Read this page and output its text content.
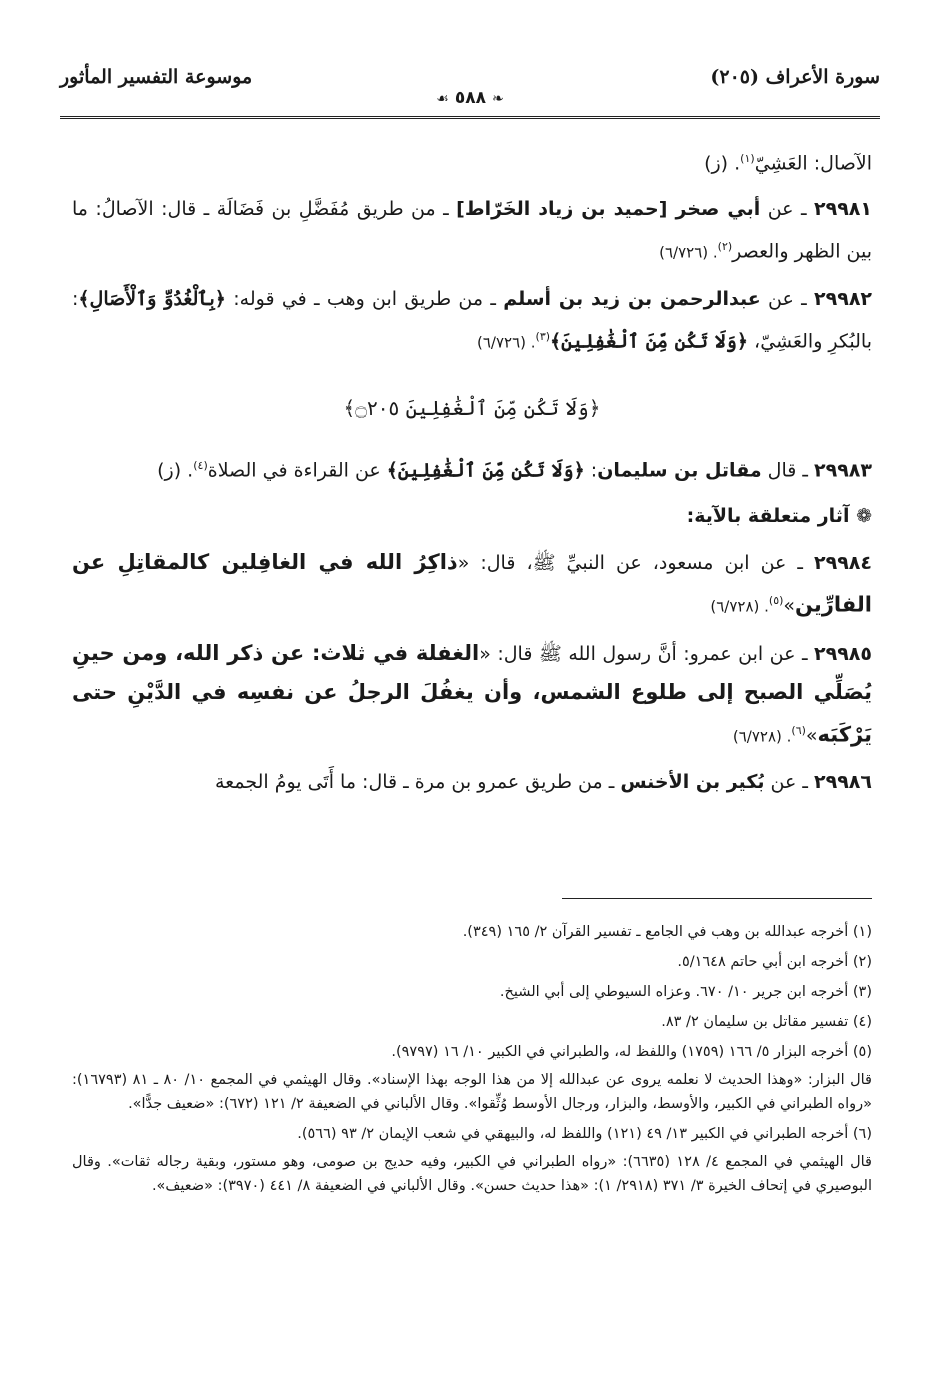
سورة الأعراف (٢٠٥)
موسوعة التفسير المأثور
❧٥٨٨☙

الآصال: العَشِيّ$^{(١)}$. (ز)

٢٩٩٨١ ـ عن أبي صخر [حميد بن زياد الخَرّاط] ـ من طريق مُفَضَّلِ بن فَضَالَة ـ قال: الآصالُ: ما بين الظهر والعصر$^{(٢)}$. (٦/٧٢٦)

٢٩٩٨٢ ـ عن عبدالرحمن بن زيد بن أسلم ـ من طريق ابن وهب ـ في قوله: ﴿بِٱلْغُدُوِّ وَٱلْأَصَالِ﴾: بالبُكرِ والعَشِيّ، ﴿وَلَا تَكُن مِّنَ ٱلْغَٰفِلِينَ﴾$^{(٣)}$. (٦/٧٢٦)

﴿وَلَا تَكُن مِّنَ ٱلْغَٰفِلِينَ ۝٢٠٥﴾

٢٩٩٨٣ ـ قال مقاتل بن سليمان: ﴿وَلَا تَكُن مِّنَ ٱلْغَٰفِلِينَ﴾ عن القراءة في الصلاة$^{(٤)}$. (ز)

❁ آثار متعلقة بالآية:

٢٩٩٨٤ ـ عن ابن مسعود، عن النبيِّ ﷺ، قال: «ذاكِرُ الله في الغافِلين كالمقاتِلِ عن الفارِّين»$^{(٥)}$. (٦/٧٢٨)

٢٩٩٨٥ ـ عن ابن عمرو: أنَّ رسول الله ﷺ قال: «الغفلة في ثلاث: عن ذكر الله، ومن حينِ يُصَلِّي الصبح إلى طلوع الشمس، وأن يغفُلَ الرجلُ عن نفسِه في الدَّيْنِ حتى يَرْكَبَه»$^{(٦)}$. (٦/٧٢٨)

٢٩٩٨٦ ـ عن بُكير بن الأخنس ـ من طريق عمرو بن مرة ـ قال: ما أَتَى يومُ الجمعة

(١) أخرجه عبدالله بن وهب في الجامع ـ تفسير القرآن ٢/ ١٦٥ (٣٤٩).

(٢) أخرجه ابن أبي حاتم ٥/١٦٤٨.

(٣) أخرجه ابن جرير ١٠/ ٦٧٠. وعزاه السيوطي إلى أبي الشيخ.

(٤) تفسير مقاتل بن سليمان ٢/ ٨٣.

(٥) أخرجه البزار ٥/ ١٦٦ (١٧٥٩) واللفظ له، والطبراني في الكبير ١٠/ ١٦ (٩٧٩٧).

قال البزار: «وهذا الحديث لا نعلمه يروى عن عبدالله إلا من هذا الوجه بهذا الإسناد». وقال الهيثمي في المجمع ١٠/ ٨٠ ـ ٨١ (١٦٧٩٣): «رواه الطبراني في الكبير، والأوسط، والبزار، ورجال الأوسط وُثِّقوا». وقال الألباني في الضعيفة ٢/ ١٢١ (٦٧٢): «ضعيف جدًّا».

(٦) أخرجه الطبراني في الكبير ١٣/ ٤٩ (١٢١) واللفظ له، والبيهقي في شعب الإيمان ٢/ ٩٣ (٥٦٦).

قال الهيثمي في المجمع ٤/ ١٢٨ (٦٦٣٥): «رواه الطبراني في الكبير، وفيه حديج بن صومى، وهو مستور، وبقية رجاله ثقات». وقال البوصيري في إتحاف الخيرة ٣/ ٣٧١ (٢٩١٨/ ١): «هذا حديث حسن». وقال الألباني في الضعيفة ٨/ ٤٤١ (٣٩٧٠): «ضعيف».
